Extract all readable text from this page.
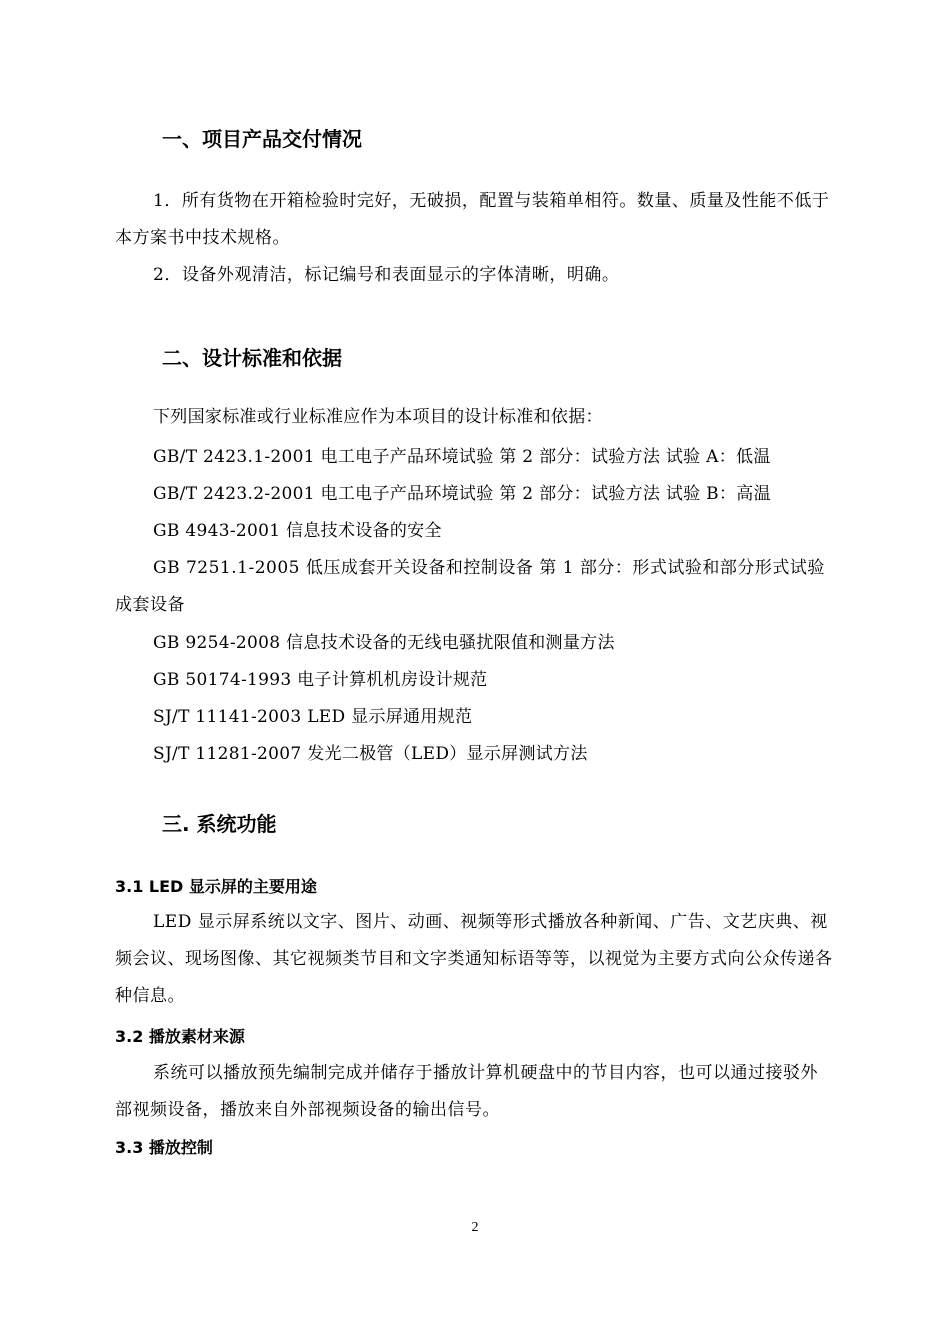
一、项目产品交付情况
1．所有货物在开箱检验时完好，无破损，配置与装箱单相符。数量、质量及性能不低于本方案书中技术规格。
2．设备外观清洁，标记编号和表面显示的字体清晰，明确。
二、设计标准和依据
下列国家标准或行业标准应作为本项目的设计标准和依据：
GB/T 2423.1-2001 电工电子产品环境试验 第 2 部分：试验方法 试验 A：低温
GB/T 2423.2-2001 电工电子产品环境试验 第 2 部分：试验方法 试验 B：高温
GB 4943-2001 信息技术设备的安全
GB 7251.1-2005 低压成套开关设备和控制设备 第 1 部分：形式试验和部分形式试验成套设备
GB 9254-2008 信息技术设备的无线电骚扰限值和测量方法
GB 50174-1993 电子计算机机房设计规范
SJ/T 11141-2003 LED 显示屏通用规范
SJ/T 11281-2007 发光二极管（LED）显示屏测试方法
三. 系统功能
3.1 LED 显示屏的主要用途
LED 显示屏系统以文字、图片、动画、视频等形式播放各种新闻、广告、文艺庆典、视频会议、现场图像、其它视频类节目和文字类通知标语等等，以视觉为主要方式向公众传递各种信息。
3.2 播放素材来源
系统可以播放预先编制完成并储存于播放计算机硬盘中的节目内容，也可以通过接驳外部视频设备，播放来自外部视频设备的输出信号。
3.3 播放控制
2
